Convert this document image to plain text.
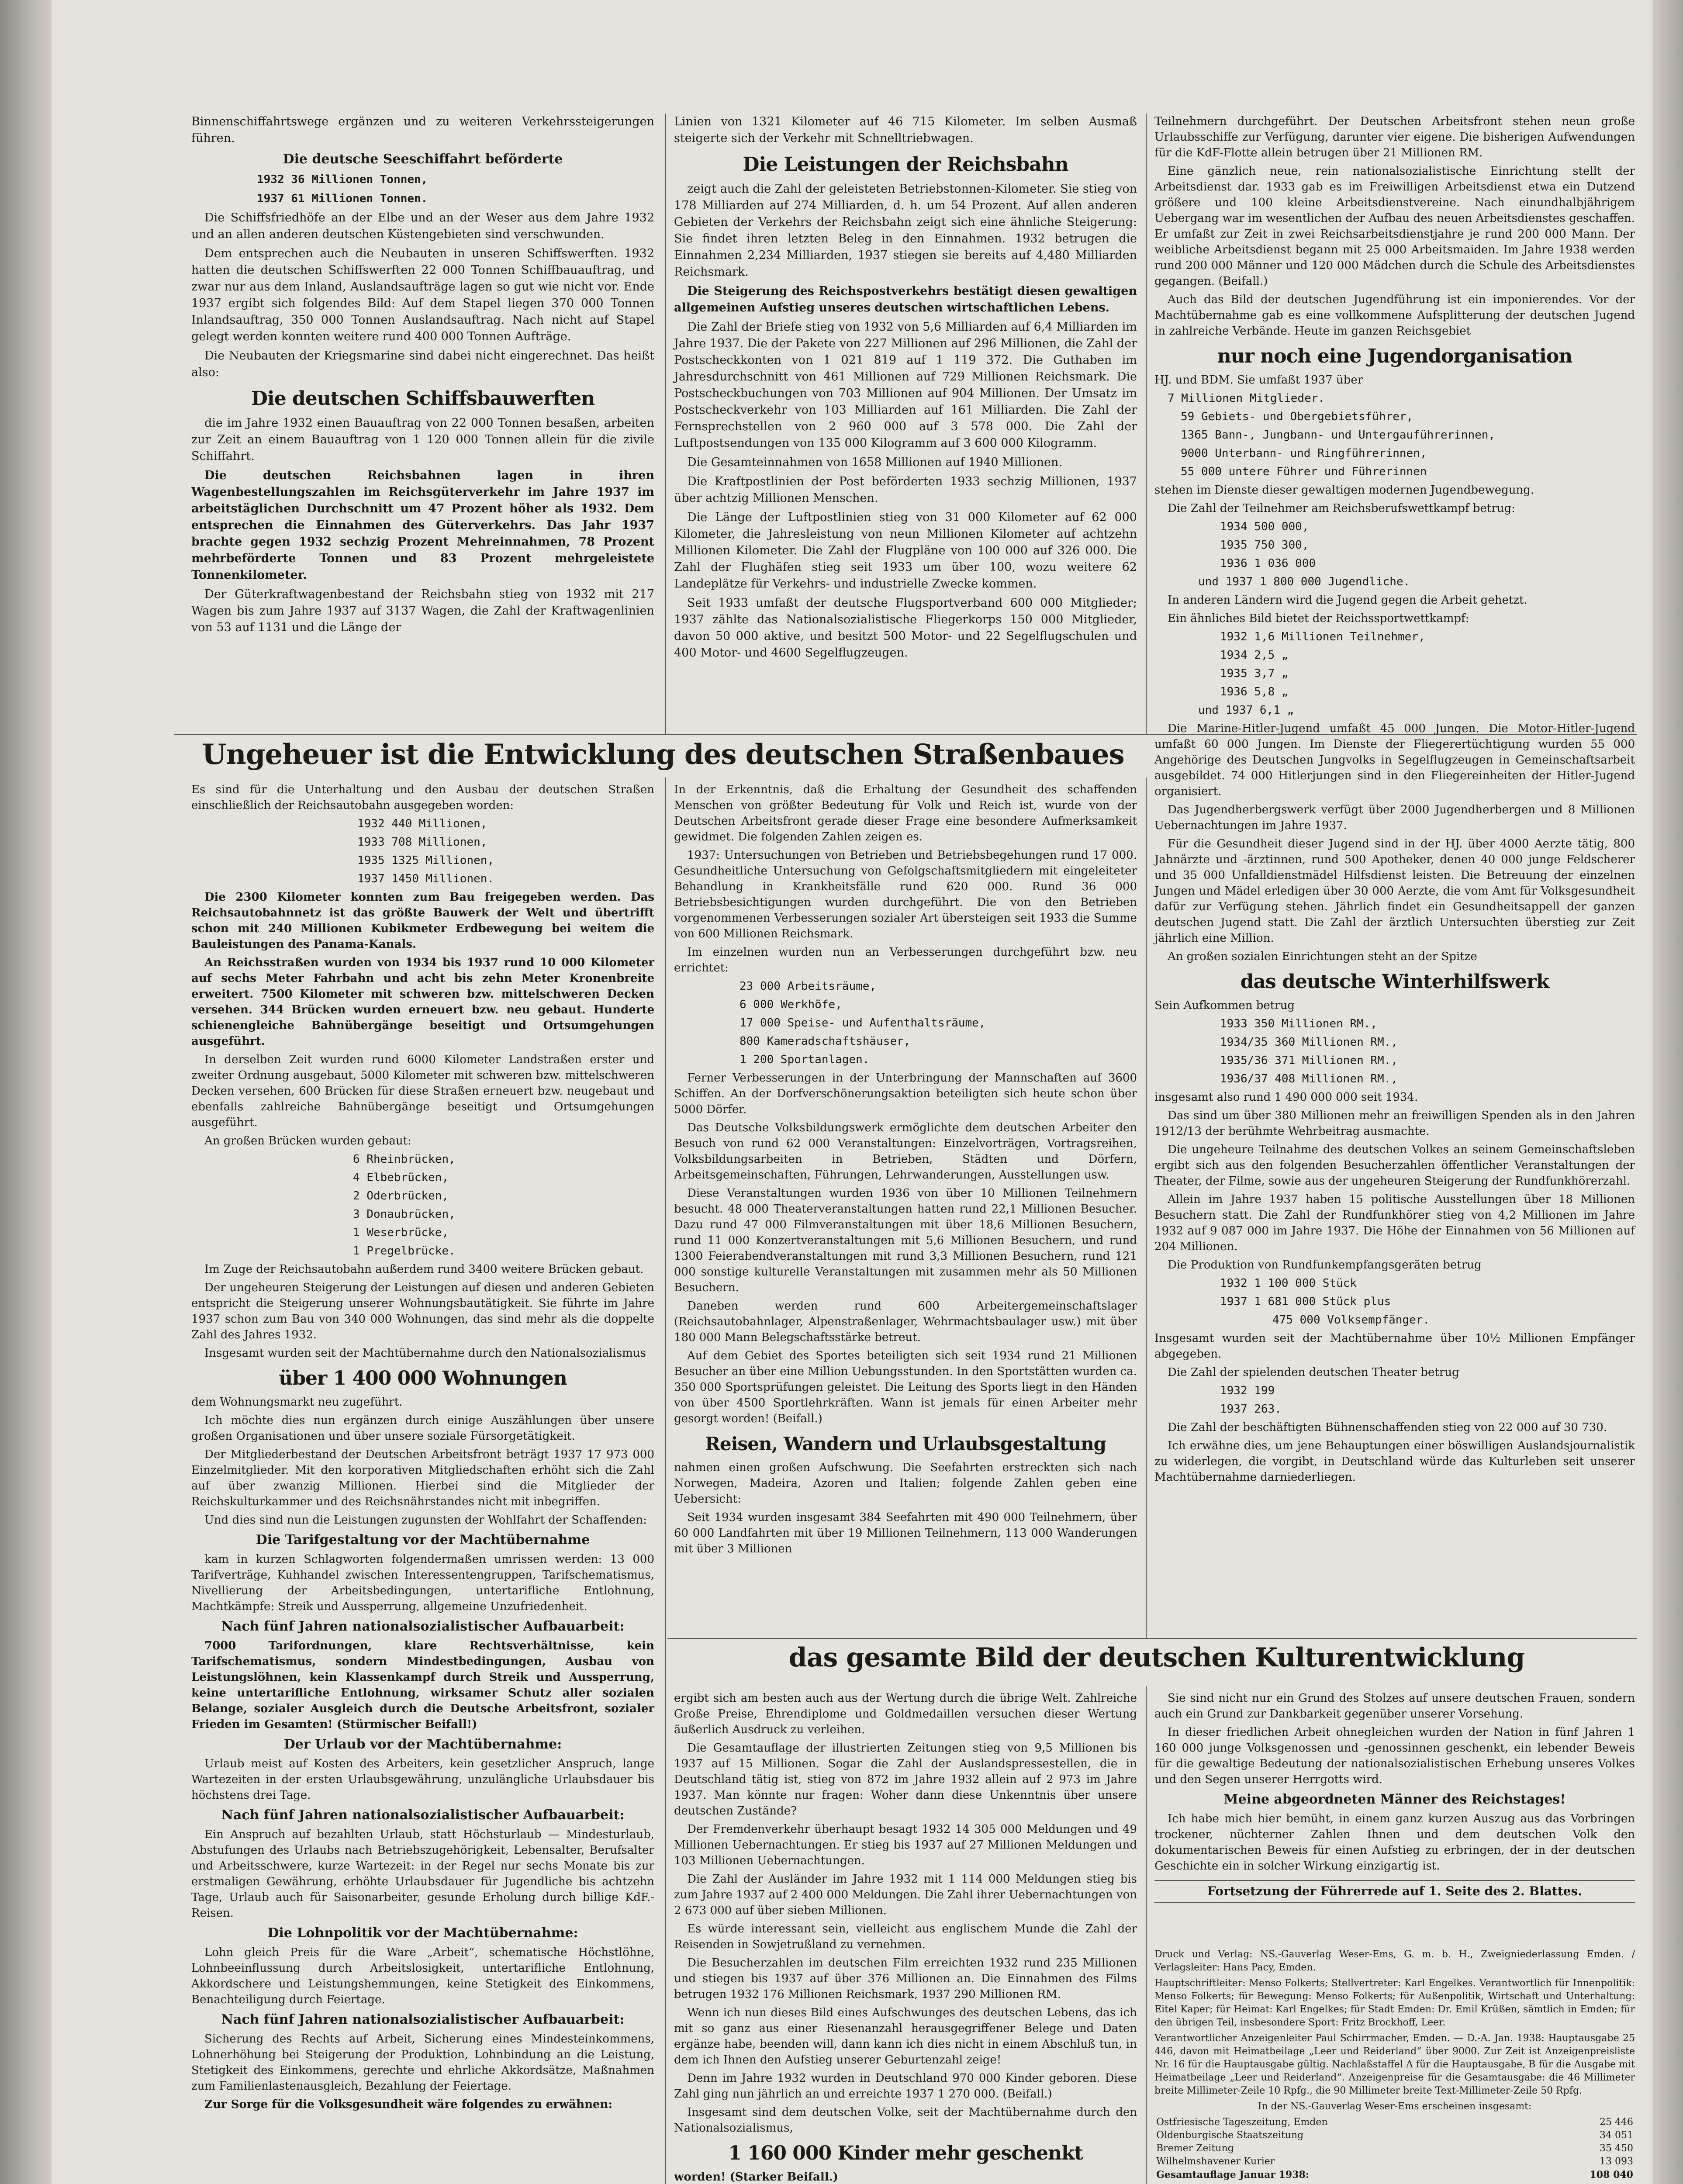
Binnenschiffahrtswege ergänzen und zu weiteren Verkehrssteigerungen führen.

Die deutsche Seeschiffahrt beförderte

1932 36 Millionen Tonnen,

1937 61 Millionen Tonnen.

Die Schiffsfriedhöfe an der Elbe und an der Weser aus dem Jahre 1932 und an allen anderen deutschen Küstengebieten sind verschwunden.

Dem entsprechen auch die Neubauten in unseren Schiffswerften. 1932 hatten die deutschen Schiffswerften 22 000 Tonnen Schiffbauauftrag, und zwar nur aus dem Inland, Auslandsaufträge lagen so gut wie nicht vor. Ende 1937 ergibt sich folgendes Bild: Auf dem Stapel liegen 370 000 Tonnen Inlandsauftrag, 350 000 Tonnen Auslandsauftrag. Nach nicht auf Stapel gelegt werden konnten weitere rund 400 000 Tonnen Aufträge.

Die Neubauten der Kriegsmarine sind dabei nicht eingerechnet. Das heißt also:

Die deutschen Schiffsbauwerften

die im Jahre 1932 einen Bauauftrag von 22 000 Tonnen besaßen, arbeiten zur Zeit an einem Bauauftrag von 1 120 000 Tonnen allein für die zivile Schiffahrt.

Die deutschen Reichsbahnen lagen in ihren Wagenbestellungszahlen im Reichsgüterverkehr im Jahre 1937 im arbeitstäglichen Durchschnitt um 47 Prozent höher als 1932. Dem entsprechen die Einnahmen des Güterverkehrs. Das Jahr 1937 brachte gegen 1932 sechzig Prozent Mehreinnahmen, 78 Prozent mehrbeförderte Tonnen und 83 Prozent mehrgeleistete Tonnenkilometer.

Der Güterkraftwagenbestand der Reichsbahn stieg von 1932 mit 217 Wagen bis zum Jahre 1937 auf 3137 Wagen, die Zahl der Kraftwagenlinien von 53 auf 1131 und die Länge der

Linien von 1321 Kilometer auf 46 715 Kilometer. Im selben Ausmaß steigerte sich der Verkehr mit Schnelltriebwagen.

Die Leistungen der Reichsbahn

zeigt auch die Zahl der geleisteten Betriebstonnen-Kilometer. Sie stieg von 178 Milliarden auf 274 Milliarden, d. h. um 54 Prozent. Auf allen anderen Gebieten der Verkehrs der Reichsbahn zeigt sich eine ähnliche Steigerung: Sie findet ihren letzten Beleg in den Einnahmen. 1932 betrugen die Einnahmen 2,234 Milliarden, 1937 stiegen sie bereits auf 4,480 Milliarden Reichsmark.

Die Steigerung des Reichspostverkehrs bestätigt diesen gewaltigen allgemeinen Aufstieg unseres deutschen wirtschaftlichen Lebens.

Die Zahl der Briefe stieg von 1932 von 5,6 Milliarden auf 6,4 Milliarden im Jahre 1937. Die der Pakete von 227 Millionen auf 296 Millionen, die Zahl der Postscheckkonten von 1 021 819 auf 1 119 372. Die Guthaben im Jahresdurchschnitt von 461 Millionen auf 729 Millionen Reichsmark. Die Postscheckbuchungen von 703 Millionen auf 904 Millionen. Der Umsatz im Postscheckverkehr von 103 Milliarden auf 161 Milliarden. Die Zahl der Fernsprechstellen von 2 960 000 auf 3 578 000. Die Zahl der Luftpostsendungen von 135 000 Kilogramm auf 3 600 000 Kilogramm.

Die Gesamteinnahmen von 1658 Millionen auf 1940 Millionen.

Die Kraftpostlinien der Post beförderten 1933 sechzig Millionen, 1937 über achtzig Millionen Menschen.

Die Länge der Luftpostlinien stieg von 31 000 Kilometer auf 62 000 Kilometer, die Jahresleistung von neun Millionen Kilometer auf achtzehn Millionen Kilometer. Die Zahl der Flugpläne von 100 000 auf 326 000. Die Zahl der Flughäfen stieg seit 1933 um über 100, wozu weitere 62 Landeplätze für Verkehrs- und industrielle Zwecke kommen.

Seit 1933 umfaßt der deutsche Flugsportverband 600 000 Mitglieder; 1937 zählte das Nationalsozialistische Fliegerkorps 150 000 Mitglieder, davon 50 000 aktive, und besitzt 500 Motor- und 22 Segelflugschulen und 400 Motor- und 4600 Segelflugzeugen.

Teilnehmern durchgeführt. Der Deutschen Arbeitsfront stehen neun große Urlaubsschiffe zur Verfügung, darunter vier eigene. Die bisherigen Aufwendungen für die KdF-Flotte allein betrugen über 21 Millionen RM.

Eine gänzlich neue, rein nationalsozialistische Einrichtung stellt der Arbeitsdienst dar. 1933 gab es im Freiwilligen Arbeitsdienst etwa ein Dutzend größere und 100 kleine Arbeitsdienstvereine. Nach einundhalbjährigem Uebergang war im wesentlichen der Aufbau des neuen Arbeitsdienstes geschaffen. Er umfaßt zur Zeit in zwei Reichsarbeitsdienstjahre je rund 200 000 Mann. Der weibliche Arbeitsdienst begann mit 25 000 Arbeitsmaiden. Im Jahre 1938 werden rund 200 000 Männer und 120 000 Mädchen durch die Schule des Arbeitsdienstes gegangen. (Beifall.)

Auch das Bild der deutschen Jugendführung ist ein imponierendes. Vor der Machtübernahme gab es eine vollkommene Aufsplitterung der deutschen Jugend in zahlreiche Verbände. Heute im ganzen Reichsgebiet

nur noch eine Jugendorganisation

HJ. und BDM. Sie umfaßt 1937 über

7 Millionen Mitglieder.

59 Gebiets- und Obergebietsführer,

1365 Bann-, Jungbann- und Untergauführerinnen,

9000 Unterbann- und Ringführerinnen,

55 000 untere Führer und Führerinnen

stehen im Dienste dieser gewaltigen modernen Jugendbewegung.

Die Zahl der Teilnehmer am Reichsberufswettkampf betrug:

1934 500 000,

1935 750 300,

1936 1 036 000

und 1937 1 800 000 Jugendliche.

In anderen Ländern wird die Jugend gegen die Arbeit gehetzt.

Ein ähnliches Bild bietet der Reichssportwettkampf:

1932 1,6 Millionen Teilnehmer,

1934 2,5 „

1935 3,7 „

1936 5,8 „

und 1937 6,1 „

Die Marine-Hitler-Jugend umfaßt 45 000 Jungen. Die Motor-Hitler-Jugend umfaßt 60 000 Jungen. Im Dienste der Fliegerertüchtigung wurden 55 000 Angehörige des Deutschen Jungvolks in Segelflugzeugen in Gemeinschaftsarbeit ausgebildet. 74 000 Hitlerjungen sind in den Fliegereinheiten der Hitler-Jugend organisiert.

Das Jugendherbergswerk verfügt über 2000 Jugendherbergen und 8 Millionen Uebernachtungen im Jahre 1937.

Für die Gesundheit dieser Jugend sind in der HJ. über 4000 Aerzte tätig, 800 Jahnärzte und -ärztinnen, rund 500 Apotheker, denen 40 000 junge Feldscherer und 35 000 Unfalldienstmädel Hilfsdienst leisten. Die Betreuung der einzelnen Jungen und Mädel erledigen über 30 000 Aerzte, die vom Amt für Volksgesundheit dafür zur Verfügung stehen. Jährlich findet ein Gesundheitsappell der ganzen deutschen Jugend statt. Die Zahl der ärztlich Untersuchten überstieg zur Zeit jährlich eine Million.

An großen sozialen Einrichtungen steht an der Spitze

das deutsche Winterhilfswerk

Sein Aufkommen betrug

1933 350 Millionen RM.,

1934/35 360 Millionen RM.,

1935/36 371 Millionen RM.,

1936/37 408 Millionen RM.,

insgesamt also rund 1 490 000 000 seit 1934.

Das sind um über 380 Millionen mehr an freiwilligen Spenden als in den Jahren 1912/13 der berühmte Wehrbeitrag ausmachte.

Die ungeheure Teilnahme des deutschen Volkes an seinem Gemeinschaftsleben ergibt sich aus den folgenden Besucherzahlen öffentlicher Veranstaltungen der Theater, der Filme, sowie aus der ungeheuren Steigerung der Rundfunkhörerzahl.

Allein im Jahre 1937 haben 15 politische Ausstellungen über 18 Millionen Besuchern statt. Die Zahl der Rundfunkhörer stieg von 4,2 Millionen im Jahre 1932 auf 9 087 000 im Jahre 1937. Die Höhe der Einnahmen von 56 Millionen auf 204 Millionen.

Die Produktion von Rundfunkempfangsgeräten betrug

1932 1 100 000 Stück

1937 1 681 000 Stück plus

475 000 Volksempfänger.

Insgesamt wurden seit der Machtübernahme über 10½ Millionen Empfänger abgegeben.

Die Zahl der spielenden deutschen Theater betrug

1932 199

1937 263.

Die Zahl der beschäftigten Bühnenschaffenden stieg von 22 000 auf 30 730.

Ich erwähne dies, um jene Behauptungen einer böswilligen Auslandsjournalistik zu widerlegen, die vorgibt, in Deutschland würde das Kulturleben seit unserer Machtübernahme darniederliegen.

Ungeheuer ist die Entwicklung des deutschen Straßenbaues

Es sind für die Unterhaltung und den Ausbau der deutschen Straßen einschließlich der Reichsautobahn ausgegeben worden:

1932 440 Millionen,

1933 708 Millionen,

1935 1325 Millionen,

1937 1450 Millionen.

Die 2300 Kilometer konnten zum Bau freigegeben werden. Das Reichsautobahnnetz ist das größte Bauwerk der Welt und übertrifft schon mit 240 Millionen Kubikmeter Erdbewegung bei weitem die Bauleistungen des Panama-Kanals.

An Reichsstraßen wurden von 1934 bis 1937 rund 10 000 Kilometer auf sechs Meter Fahrbahn und acht bis zehn Meter Kronenbreite erweitert. 7500 Kilometer mit schweren bzw. mittelschweren Decken versehen. 344 Brücken wurden erneuert bzw. neu gebaut. Hunderte schienengleiche Bahnübergänge beseitigt und Ortsumgehungen ausgeführt.

In derselben Zeit wurden rund 6000 Kilometer Landstraßen erster und zweiter Ordnung ausgebaut, 5000 Kilometer mit schweren bzw. mittelschweren Decken versehen, 600 Brücken für diese Straßen erneuert bzw. neugebaut und ebenfalls zahlreiche Bahnübergänge beseitigt und Ortsumgehungen ausgeführt.

An großen Brücken wurden gebaut:

6 Rheinbrücken,

4 Elbebrücken,

2 Oderbrücken,

3 Donaubrücken,

1 Weserbrücke,

1 Pregelbrücke.

Im Zuge der Reichsautobahn außerdem rund 3400 weitere Brücken gebaut.

Der ungeheuren Steigerung der Leistungen auf diesen und anderen Gebieten entspricht die Steigerung unserer Wohnungsbautätigkeit. Sie führte im Jahre 1937 schon zum Bau von 340 000 Wohnungen, das sind mehr als die doppelte Zahl des Jahres 1932.

Insgesamt wurden seit der Machtübernahme durch den Nationalsozialismus

über 1 400 000 Wohnungen

dem Wohnungsmarkt neu zugeführt.

Ich möchte dies nun ergänzen durch einige Auszählungen über unsere großen Organisationen und über unsere soziale Fürsorgetätigkeit.

Der Mitgliederbestand der Deutschen Arbeitsfront beträgt 1937 17 973 000 Einzelmitglieder. Mit den korporativen Mitgliedschaften erhöht sich die Zahl auf über zwanzig Millionen. Hierbei sind die Mitglieder der Reichskulturkammer und des Reichsnährstandes nicht mit inbegriffen.

Und dies sind nun die Leistungen zugunsten der Wohlfahrt der Schaffenden:

Die Tarifgestaltung vor der Machtübernahme

kam in kurzen Schlagworten folgendermaßen umrissen werden: 13 000 Tarifverträge, Kuhhandel zwischen Interessentengruppen, Tarifschematismus, Nivellierung der Arbeitsbedingungen, untertarifliche Entlohnung, Machtkämpfe: Streik und Aussperrung, allgemeine Unzufriedenheit.

Nach fünf Jahren nationalsozialistischer Aufbauarbeit:

7000 Tarifordnungen, klare Rechtsverhältnisse, kein Tarifschematismus, sondern Mindestbedingungen, Ausbau von Leistungslöhnen, kein Klassenkampf durch Streik und Aussperrung, keine untertarifliche Entlohnung, wirksamer Schutz aller sozialen Belange, sozialer Ausgleich durch die Deutsche Arbeitsfront, sozialer Frieden im Gesamten! (Stürmischer Beifall!)

Der Urlaub vor der Machtübernahme:

Urlaub meist auf Kosten des Arbeiters, kein gesetzlicher Anspruch, lange Wartezeiten in der ersten Urlaubsgewährung, unzulängliche Urlaubsdauer bis höchstens drei Tage.

Nach fünf Jahren nationalsozialistischer Aufbauarbeit:

Ein Anspruch auf bezahlten Urlaub, statt Höchsturlaub — Mindesturlaub, Abstufungen des Urlaubs nach Betriebszugehörigkeit, Lebensalter, Berufsalter und Arbeitsschwere, kurze Wartezeit: in der Regel nur sechs Monate bis zur erstmaligen Gewährung, erhöhte Urlaubsdauer für Jugendliche bis achtzehn Tage, Urlaub auch für Saisonarbeiter, gesunde Erholung durch billige KdF.-Reisen.

Die Lohnpolitik vor der Machtübernahme:

Lohn gleich Preis für die Ware „Arbeit“, schematische Höchstlöhne, Lohnbeeinflussung durch Arbeitslosigkeit, untertarifliche Entlohnung, Akkordschere und Leistungshemmungen, keine Stetigkeit des Einkommens, Benachteiligung durch Feiertage.

Nach fünf Jahren nationalsozialistischer Aufbauarbeit:

Sicherung des Rechts auf Arbeit, Sicherung eines Mindesteinkommens, Lohnerhöhung bei Steigerung der Produktion, Lohnbindung an die Leistung, Stetigkeit des Einkommens, gerechte und ehrliche Akkordsätze, Maßnahmen zum Familienlastenausgleich, Bezahlung der Feiertage.

Zur Sorge für die Volksgesundheit wäre folgendes zu erwähnen:

In der Erkenntnis, daß die Erhaltung der Gesundheit des schaffenden Menschen von größter Bedeutung für Volk und Reich ist, wurde von der Deutschen Arbeitsfront gerade dieser Frage eine besondere Aufmerksamkeit gewidmet. Die folgenden Zahlen zeigen es.

1937: Untersuchungen von Betrieben und Betriebsbegehungen rund 17 000. Gesundheitliche Untersuchung von Gefolgschaftsmitgliedern mit eingeleiteter Behandlung in Krankheitsfälle rund 620 000. Rund 36 000 Betriebsbesichtigungen wurden durchgeführt. Die von den Betrieben vorgenommenen Verbesserungen sozialer Art übersteigen seit 1933 die Summe von 600 Millionen Reichsmark.

Im einzelnen wurden nun an Verbesserungen durchgeführt bzw. neu errichtet:

23 000 Arbeitsräume,

6 000 Werkhöfe,

17 000 Speise- und Aufenthaltsräume,

800 Kameradschaftshäuser,

1 200 Sportanlagen.

Ferner Verbesserungen in der Unterbringung der Mannschaften auf 3600 Schiffen. An der Dorfverschönerungsaktion beteiligten sich heute schon über 5000 Dörfer.

Das Deutsche Volksbildungswerk ermöglichte dem deutschen Arbeiter den Besuch von rund 62 000 Veranstaltungen: Einzelvorträgen, Vortragsreihen, Volksbildungsarbeiten in Betrieben, Städten und Dörfern, Arbeitsgemeinschaften, Führungen, Lehrwanderungen, Ausstellungen usw.

Diese Veranstaltungen wurden 1936 von über 10 Millionen Teilnehmern besucht. 48 000 Theaterveranstaltungen hatten rund 22,1 Millionen Besucher. Dazu rund 47 000 Filmveranstaltungen mit über 18,6 Millionen Besuchern, rund 11 000 Konzertveranstaltungen mit 5,6 Millionen Besuchern, und rund 1300 Feierabendveranstaltungen mit rund 3,3 Millionen Besuchern, rund 121 000 sonstige kulturelle Veranstaltungen mit zusammen mehr als 50 Millionen Besuchern.

Daneben werden rund 600 Arbeitergemeinschaftslager (Reichsautobahnlager, Alpenstraßenlager, Wehrmachtsbaulager usw.) mit über 180 000 Mann Belegschaftsstärke betreut.

Auf dem Gebiet des Sportes beteiligten sich seit 1934 rund 21 Millionen Besucher an über eine Million Uebungsstunden. In den Sportstätten wurden ca. 350 000 Sportsprüfungen geleistet. Die Leitung des Sports liegt in den Händen von über 4500 Sportlehrkräften. Wann ist jemals für einen Arbeiter mehr gesorgt worden! (Beifall.)

Reisen, Wandern und Urlaubsgestaltung

nahmen einen großen Aufschwung. Die Seefahrten erstreckten sich nach Norwegen, Madeira, Azoren und Italien; folgende Zahlen geben eine Uebersicht:

Seit 1934 wurden insgesamt 384 Seefahrten mit 490 000 Teilnehmern, über 60 000 Landfahrten mit über 19 Millionen Teilnehmern, 113 000 Wanderungen mit über 3 Millionen

das gesamte Bild der deutschen Kulturentwicklung

ergibt sich am besten auch aus der Wertung durch die übrige Welt. Zahlreiche Große Preise, Ehrendiplome und Goldmedaillen versuchen dieser Wertung äußerlich Ausdruck zu verleihen.

Die Gesamtauflage der illustrierten Zeitungen stieg von 9,5 Millionen bis 1937 auf 15 Millionen. Sogar die Zahl der Auslandspressestellen, die in Deutschland tätig ist, stieg von 872 im Jahre 1932 allein auf 2 973 im Jahre 1937. Man könnte nur fragen: Woher dann diese Unkenntnis über unsere deutschen Zustände?

Der Fremdenverkehr überhaupt besagt 1932 14 305 000 Meldungen und 49 Millionen Uebernachtungen. Er stieg bis 1937 auf 27 Millionen Meldungen und 103 Millionen Uebernachtungen.

Die Zahl der Ausländer im Jahre 1932 mit 1 114 000 Meldungen stieg bis zum Jahre 1937 auf 2 400 000 Meldungen. Die Zahl ihrer Uebernachtungen von 2 673 000 auf über sieben Millionen.

Es würde interessant sein, vielleicht aus englischem Munde die Zahl der Reisenden in Sowjetrußland zu vernehmen.

Die Besucherzahlen im deutschen Film erreichten 1932 rund 235 Millionen und stiegen bis 1937 auf über 376 Millionen an. Die Einnahmen des Films betrugen 1932 176 Millionen Reichsmark, 1937 290 Millionen RM.

Wenn ich nun dieses Bild eines Aufschwunges des deutschen Lebens, das ich mit so ganz aus einer Riesenanzahl herausgegriffener Belege und Daten ergänze habe, beenden will, dann kann ich dies nicht in einem Abschluß tun, in dem ich Ihnen den Aufstieg unserer Geburtenzahl zeige!

Denn im Jahre 1932 wurden in Deutschland 970 000 Kinder geboren. Diese Zahl ging nun jährlich an und erreichte 1937 1 270 000. (Beifall.)

Insgesamt sind dem deutschen Volke, seit der Machtübernahme durch den Nationalsozialismus,

1 160 000 Kinder mehr geschenkt

worden! (Starker Beifall.)

Sie sind nicht nur ein Grund des Stolzes auf unsere deutschen Frauen, sondern auch ein Grund zur Dankbarkeit gegenüber unserer Vorsehung.

In dieser friedlichen Arbeit ohnegleichen wurden der Nation in fünf Jahren 1 160 000 junge Volksgenossen und -genossinnen geschenkt, ein lebender Beweis für die gewaltige Bedeutung der nationalsozialistischen Erhebung unseres Volkes und den Segen unserer Herrgotts wird.

Meine abgeordneten Männer des Reichstages!

Ich habe mich hier bemüht, in einem ganz kurzen Auszug aus das Vorbringen trockener, nüchterner Zahlen Ihnen und dem deutschen Volk den dokumentarischen Beweis für einen Aufstieg zu erbringen, der in der deutschen Geschichte ein in solcher Wirkung einzigartig ist.

Fortsetzung der Führerrede auf 1. Seite des 2. Blattes.

Druck und Verlag: NS.-Gauverlag Weser-Ems, G. m. b. H., Zweigniederlassung Emden. / Verlagsleiter: Hans Pacy, Emden.

Hauptschriftleiter: Menso Folkerts; Stellvertreter: Karl Engelkes. Verantwortlich für Innenpolitik: Menso Folkerts; für Bewegung: Menso Folkerts; für Außenpolitik, Wirtschaft und Unterhaltung: Eitel Kaper; für Heimat: Karl Engelkes; für Stadt Emden: Dr. Emil Krüßen, sämtlich in Emden; für den übrigen Teil, insbesondere Sport: Fritz Brockhoff, Leer.

Verantwortlicher Anzeigenleiter Paul Schirrmacher, Emden. — D.-A. Jan. 1938: Hauptausgabe 25 446, davon mit Heimatbeilage „Leer und Reiderland“ über 9000. Zur Zeit ist Anzeigenpreisliste Nr. 16 für die Hauptausgabe gültig. Nachlaßstaffel A für die Hauptausgabe, B für die Ausgabe mit Heimatbeilage „Leer und Reiderland“. Anzeigenpreise für die Gesamtausgabe: die 46 Millimeter breite Millimeter-Zeile 10 Rpfg., die 90 Millimeter breite Text-Millimeter-Zeile 50 Rpfg.

In der NS.-Gauverlag Weser-Ems erscheinen insgesamt:

Ostfriesische Tageszeitung, Emden	25 446
Oldenburgische Staatszeitung	34 051
Bremer Zeitung	35 450
Wilhelmshavener Kurier	13 093
Gesamtauflage Januar 1938:	108 040
